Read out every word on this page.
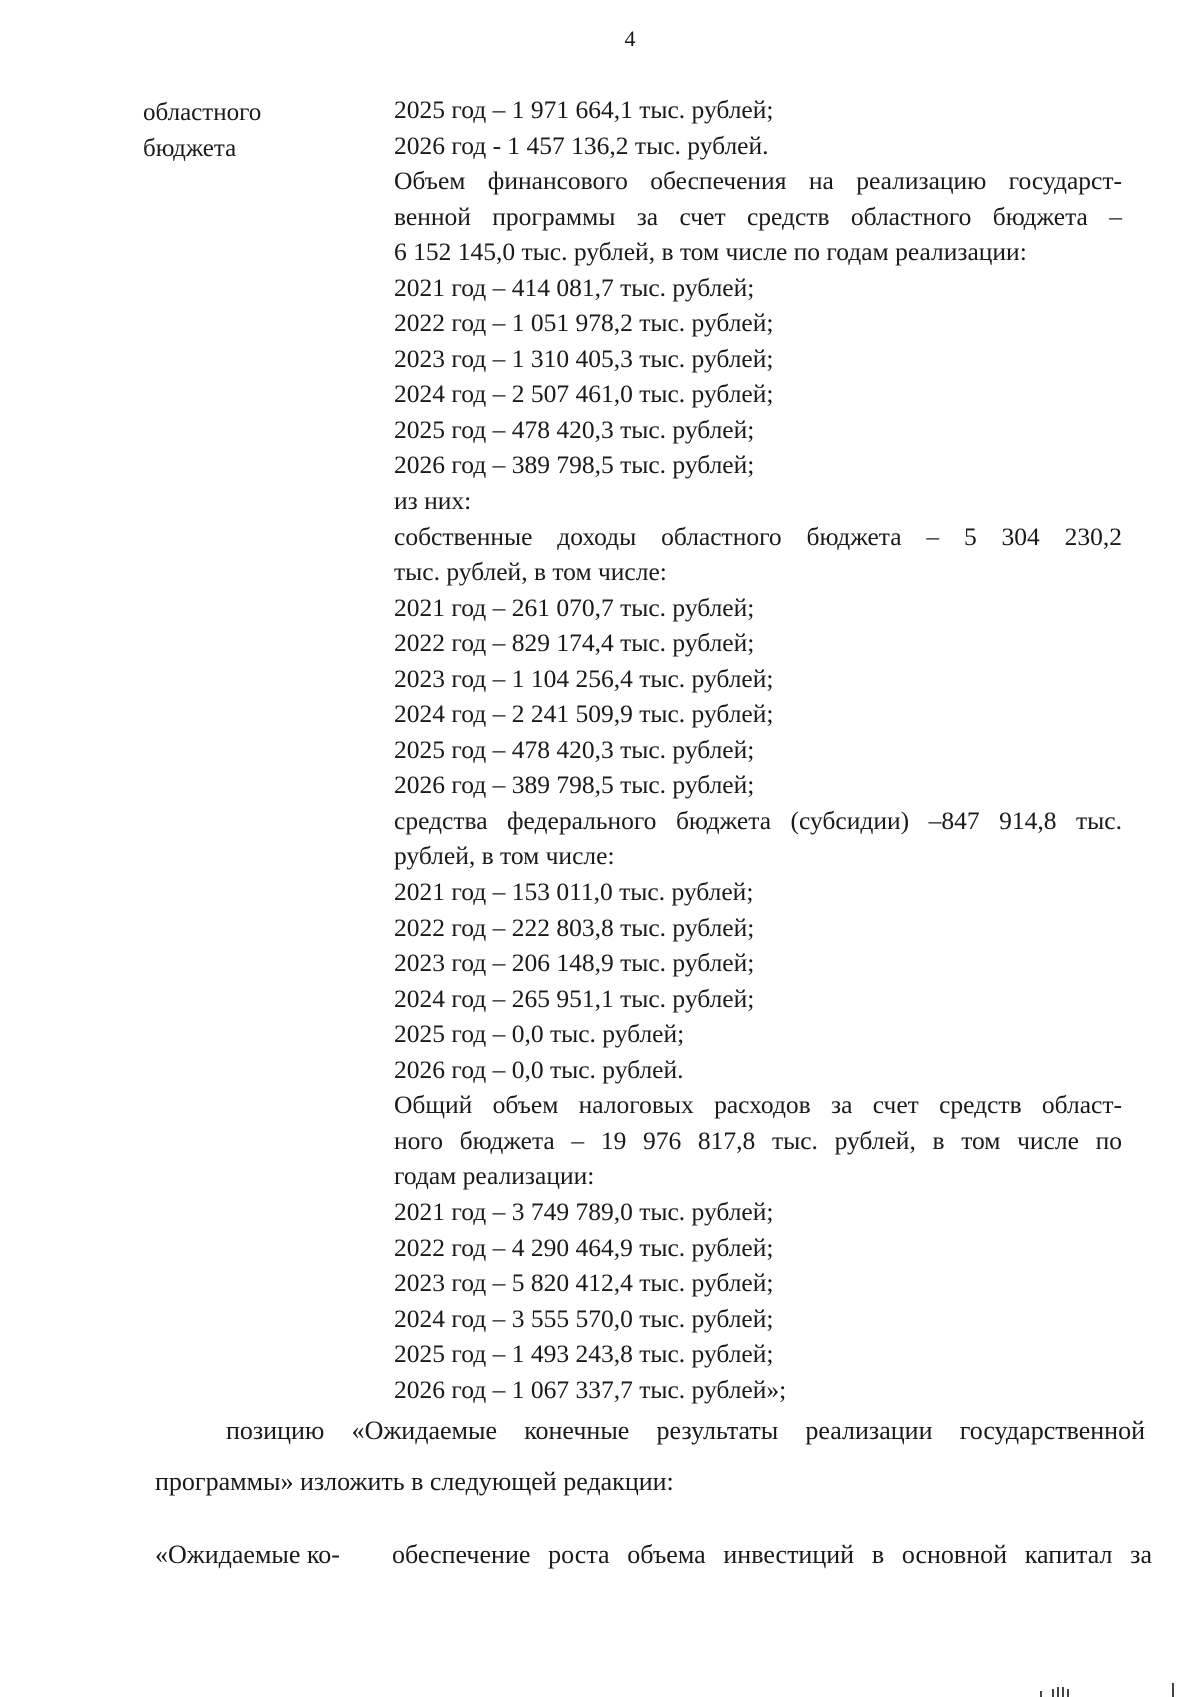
4
областного
бюджета
2025 год – 1 971 664,1 тыс. рублей;
2026 год - 1 457 136,2 тыс. рублей.
Объем финансового обеспечения на реализацию государст-
венной программы за счет средств областного бюджета –
6 152 145,0 тыс. рублей, в том числе по годам реализации:
2021 год – 414 081,7 тыс. рублей;
2022 год – 1 051 978,2 тыс. рублей;
2023 год – 1 310 405,3 тыс. рублей;
2024 год – 2 507 461,0 тыс. рублей;
2025 год – 478 420,3 тыс. рублей;
2026 год – 389 798,5 тыс. рублей;
из них:
собственные доходы областного бюджета – 5 304 230,2
тыс. рублей, в том числе:
2021 год – 261 070,7 тыс. рублей;
2022 год – 829 174,4 тыс. рублей;
2023 год – 1 104 256,4 тыс. рублей;
2024 год – 2 241 509,9 тыс. рублей;
2025 год – 478 420,3 тыс. рублей;
2026 год – 389 798,5 тыс. рублей;
средства федерального бюджета (субсидии) –847 914,8 тыс.
рублей, в том числе:
2021 год – 153 011,0 тыс. рублей;
2022 год – 222 803,8 тыс. рублей;
2023 год – 206 148,9 тыс. рублей;
2024 год – 265 951,1 тыс. рублей;
2025 год – 0,0 тыс. рублей;
2026 год – 0,0 тыс. рублей.
Общий объем налоговых расходов за счет средств област-
ного бюджета – 19 976 817,8 тыс. рублей, в том числе по
годам реализации:
2021 год – 3 749 789,0 тыс. рублей;
2022 год – 4 290 464,9 тыс. рублей;
2023 год – 5 820 412,4 тыс. рублей;
2024 год – 3 555 570,0 тыс. рублей;
2025 год – 1 493 243,8 тыс. рублей;
2026 год – 1 067 337,7 тыс. рублей»;
позицию «Ожидаемые конечные результаты реализации государственной программы» изложить в следующей редакции:
«Ожидаемые ко- обеспечение роста объема инвестиций в основной капитал за
